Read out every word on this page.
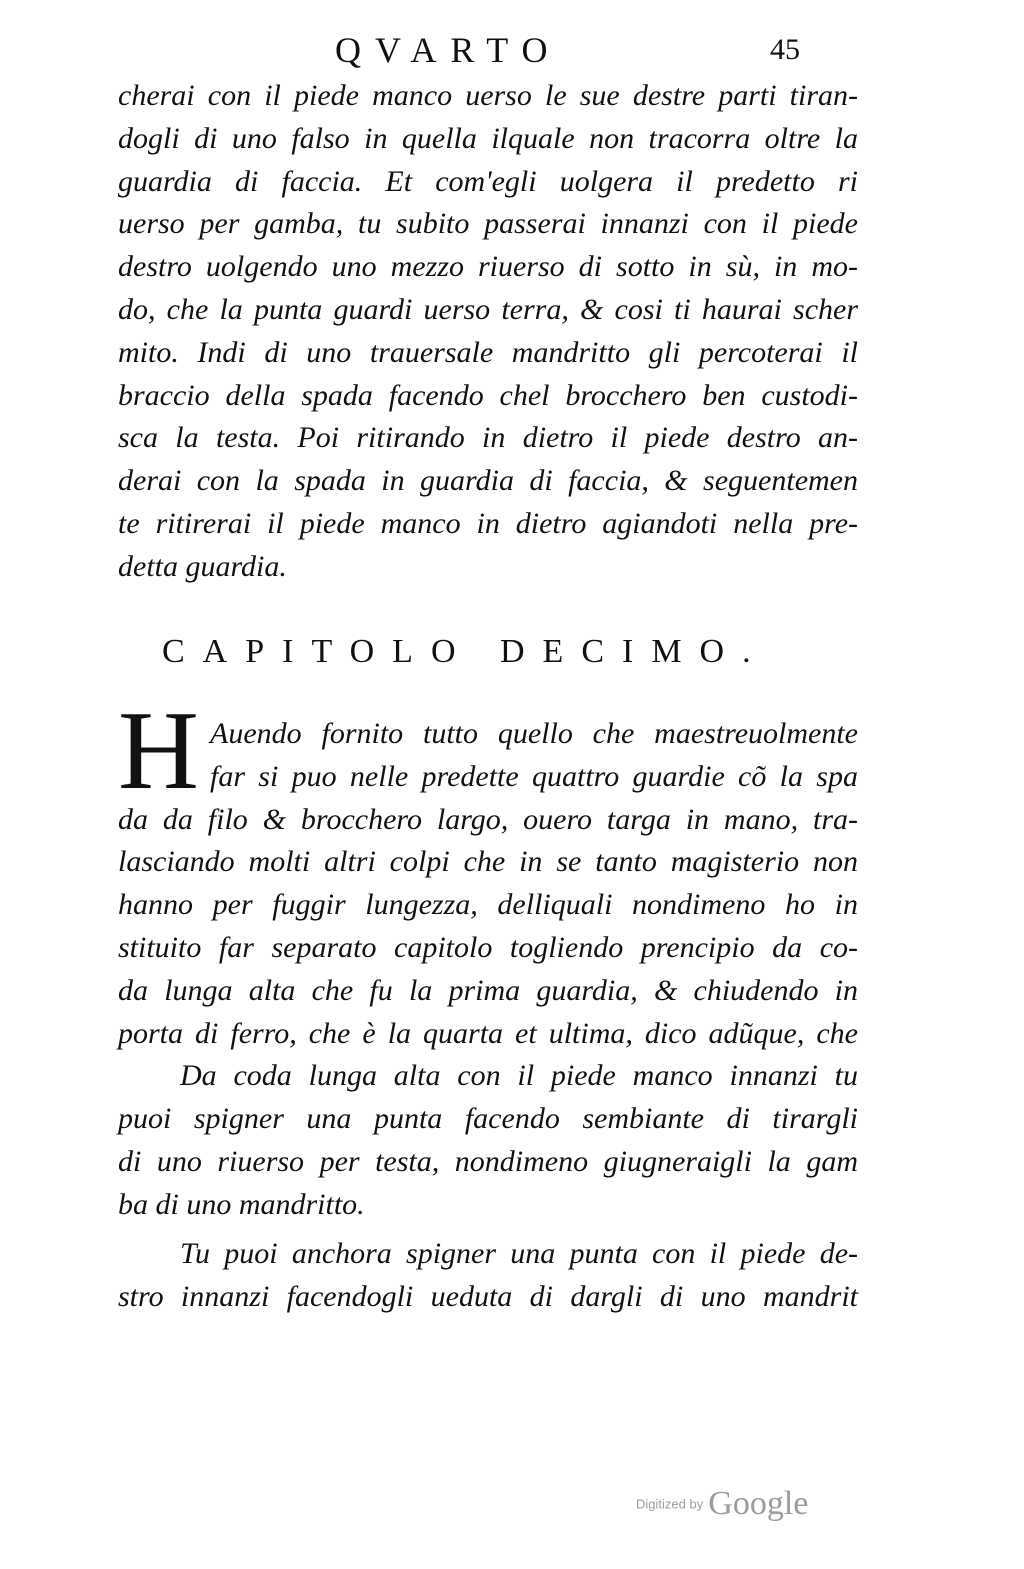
QVARTO	45
cherai con il piede manco uerso le sue destre parti tiran-
dogli di uno falso in quella ilquale non tracorra oltre la
guardia di faccia. Et com'egli uolgera il predetto ri
uerso per gamba, tu subito passerai innanzi con il piede
destro uolgendo uno mezzo riuerso di sotto in sù, in mo-
do, che la punta guardi uerso terra, & cosi ti haurai scher
mito. Indi di uno trauersale mandritto gli percoterai il
braccio della spada facendo chel brocchero ben custodi-
sca la testa. Poi ritirando in dietro il piede destro an-
derai con la spada in guardia di faccia, & seguentemen
te ritirerai il piede manco in dietro agiandoti nella pre-
detta guardia.
CAPITOLO DECIMO.
H Auendo fornito tutto quello che maestreuolmente
far si puo nelle predette quattro guardie cõ la spa
da da filo & brocchero largo, ouero targa in mano, tra-
lasciando molti altri colpi che in se tanto magisterio non
hanno per fuggir lungezza, delliquali nondimeno ho in
stituito far separato capitolo togliendo prencipio da co-
da lunga alta che fu la prima guardia, & chiudendo in
porta di ferro, che è la quarta et ultima, dico adũque, che
Da coda lunga alta con il piede manco innanzi tu
puoi spigner una punta facendo sembiante di tirargli
di uno riuerso per testa, nondimeno giugneraigli la gam
ba di uno mandritto.
Tu puoi anchora spigner una punta con il piede de-
stro innanzi facendogli ueduta di dargli di uno mandrit
Digitized by Google
